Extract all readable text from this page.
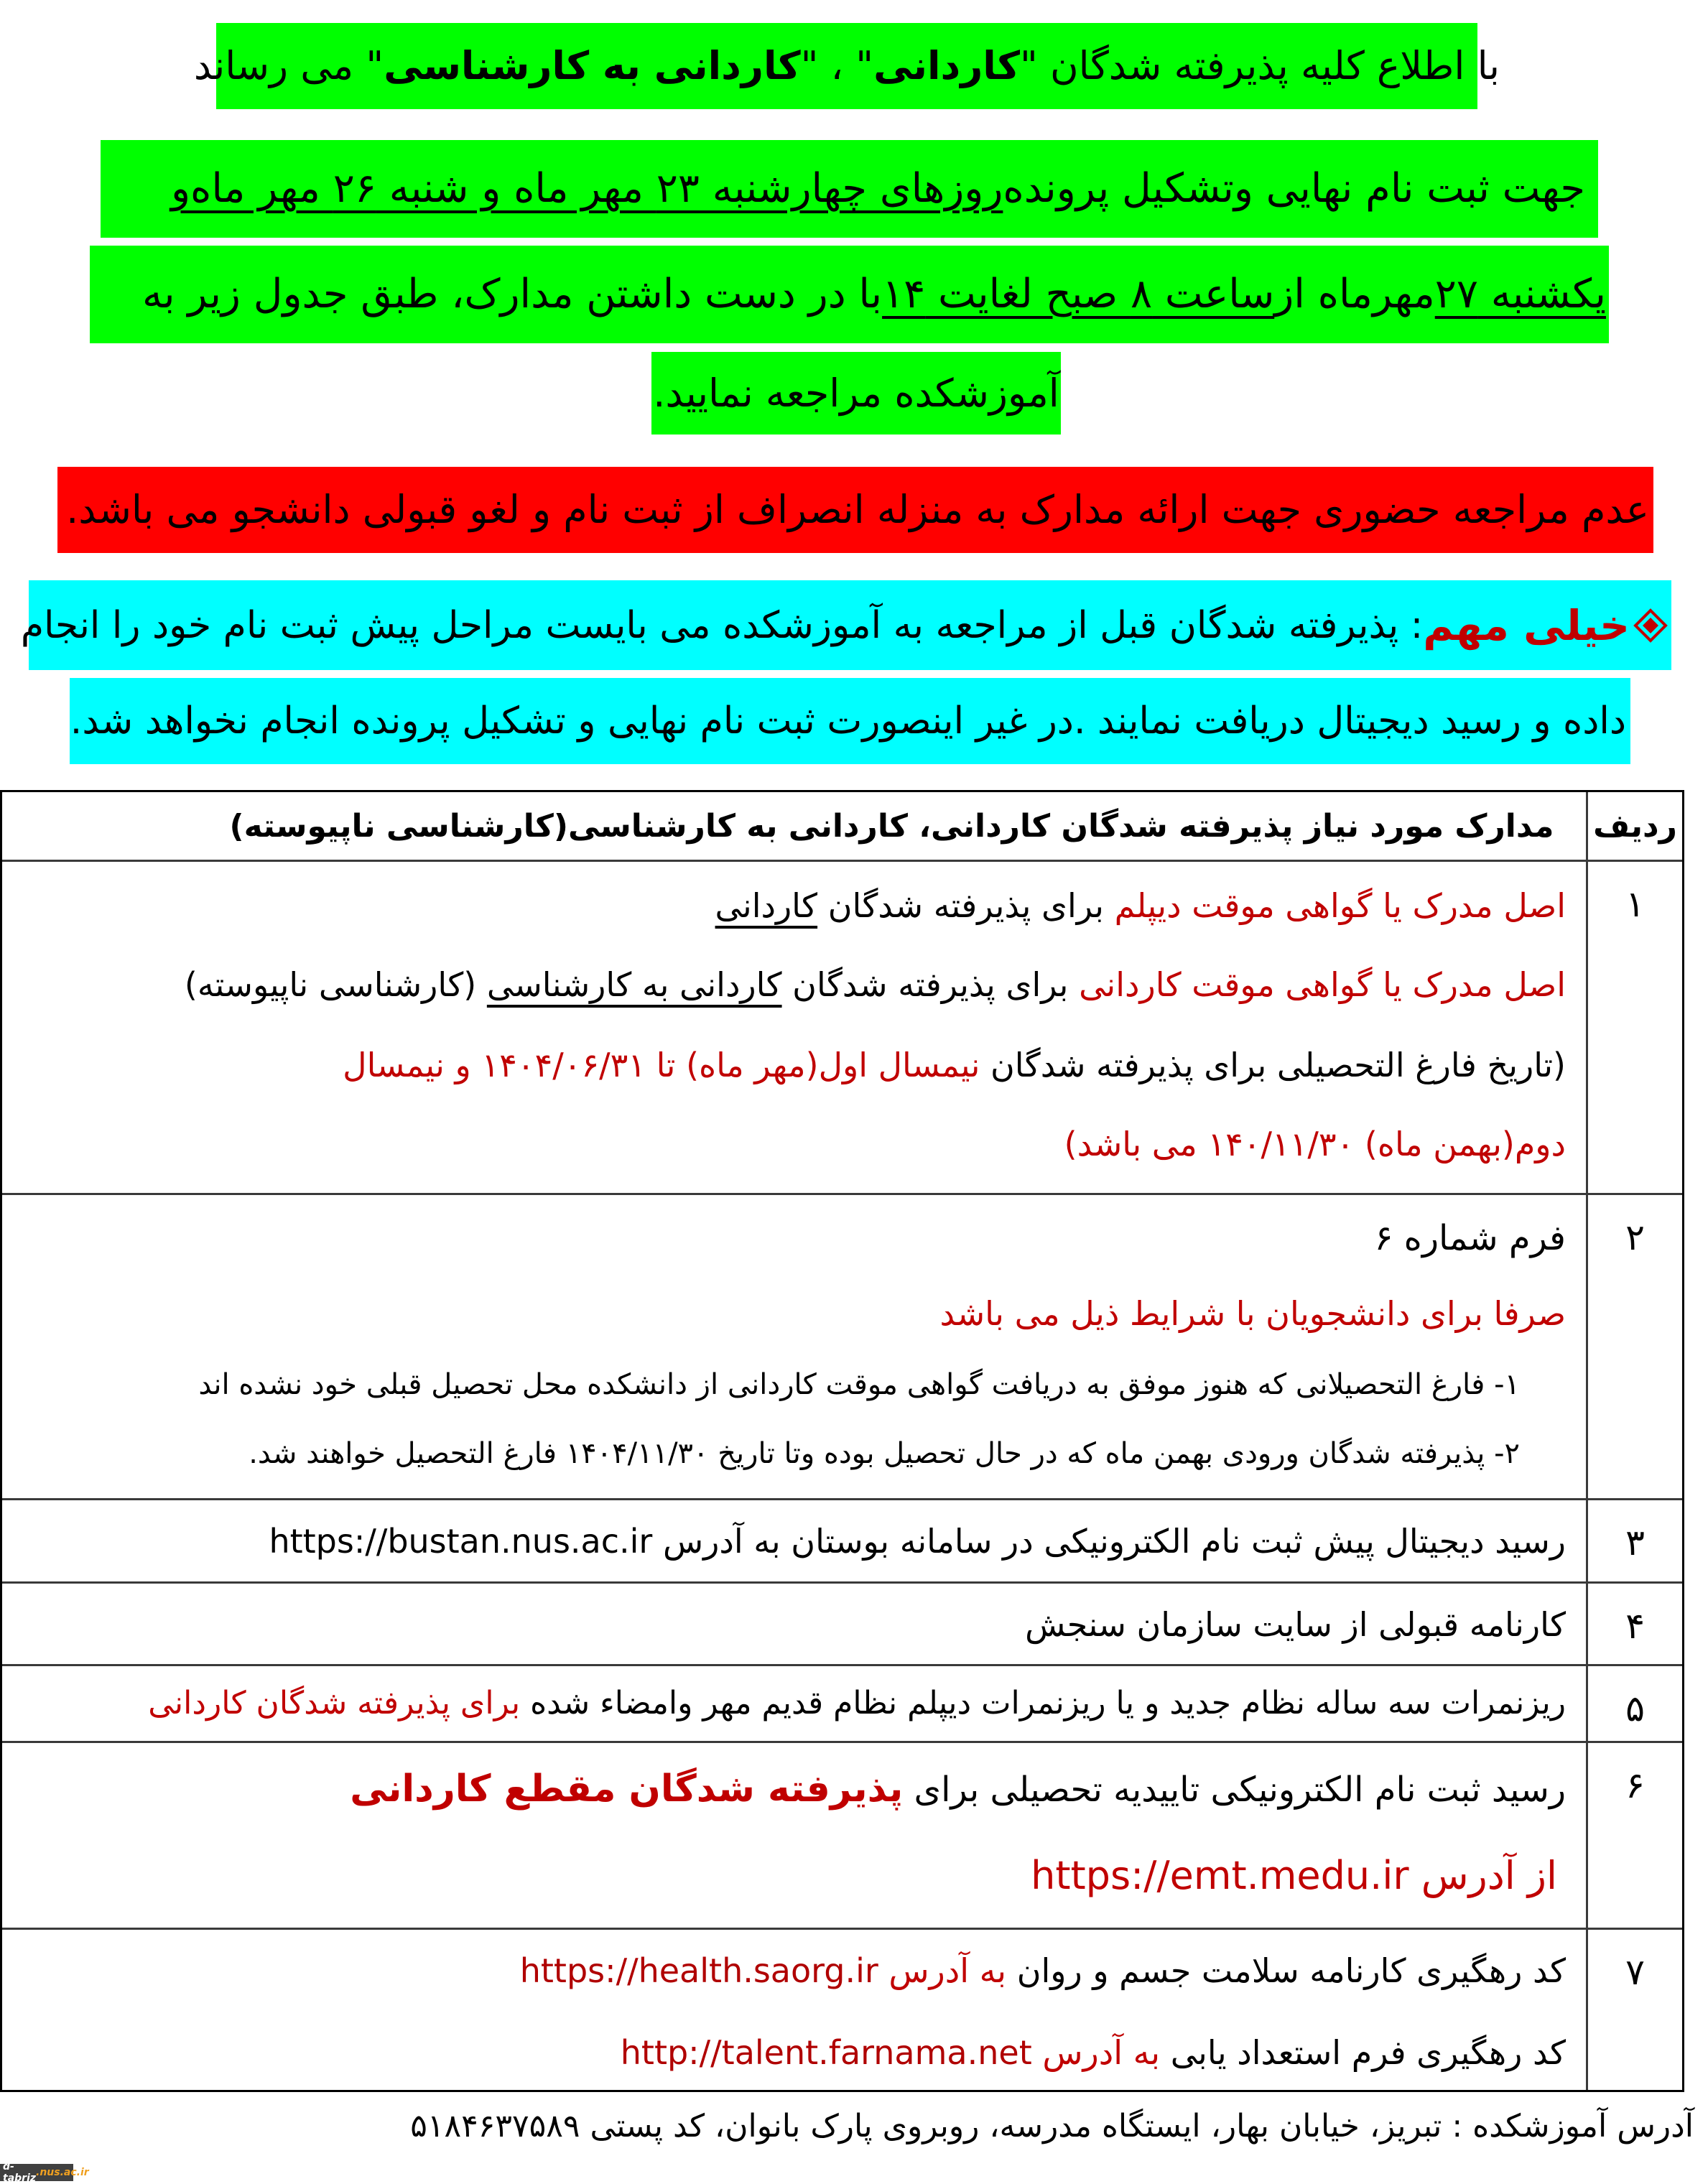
با اطلاع کلیه پذیرفته شدگان "
کاردانی
" ، "
کاردانی به کارشناسی
" می رساند
جهت ثبت نام نهایی وتشکیل پرونده
روزهای چهارشنبه ۲۳ مهر ماه و شنبه ۲۶ مهر ماه
و
یکشنبه ۲۷
مهرماه از
ساعت ۸ صبح لغایت ۱۴
با در دست داشتن مدارک، طبق جدول زیر به
آموزشکده مراجعه نمایید.
عدم مراجعه حضوری جهت ارائه مدارک به منزله انصراف از ثبت نام و لغو قبولی دانشجو می باشد.
خیلی مهم
: پذیرفته شدگان قبل از مراجعه به آموزشکده می بایست مراحل پیش ثبت نام خود را انجام
داده و رسید دیجیتال دریافت نمایند .در غیر اینصورت ثبت نام نهایی و تشکیل پرونده انجام نخواهد شد.
ردیف
مدارک مورد نیاز پذیرفته شدگان کاردانی، کاردانی به کارشناسی(کارشناسی ناپیوسته)
۱
اصل مدرک یا گواهی موقت دیپلم برای پذیرفته شدگان کاردانی
اصل مدرک یا گواهی موقت کاردانی برای پذیرفته شدگان کاردانی به کارشناسی (کارشناسی ناپیوسته)
(تاریخ فارغ التحصیلی برای پذیرفته شدگان نیمسال اول(مهر ماه) تا ۱۴۰۴/۰۶/۳۱ و نیمسال
دوم(بهمن ماه) ۱۴۰/۱۱/۳۰ می باشد)
۲
فرم شماره ۶
صرفا برای دانشجویان با شرایط ذیل می باشد
۱- فارغ التحصیلانی که هنوز موفق به دریافت گواهی موقت کاردانی از دانشکده محل تحصیل قبلی خود نشده اند
۲- پذیرفته شدگان ورودی بهمن ماه که در حال تحصیل بوده وتا تاریخ ۱۴۰۴/۱۱/۳۰ فارغ التحصیل خواهند شد.
۳
رسید دیجیتال پیش ثبت نام الکترونیکی در سامانه بوستان به آدرس https://bustan.nus.ac.ir
۴
کارنامه قبولی از سایت سازمان سنجش
۵
ریزنمرات سه ساله نظام جدید و یا ریزنمرات دیپلم نظام قدیم مهر وامضاء شده برای پذیرفته شدگان کاردانی
۶
رسید ثبت نام الکترونیکی تاییدیه تحصیلی برای پذیرفته شدگان مقطع کاردانی
از آدرس https://emt.medu.ir
۷
کد رهگیری کارنامه سلامت جسم و روان به آدرس https://health.saorg.ir
کد رهگیری فرم استعداد یابی به آدرس http://talent.farnama.net
آدرس آموزشکده : تبریز، خیابان بهار، ایستگاه مدرسه، روبروی پارک بانوان، کد پستی ۵۱۸۴۶۳۷۵۸۹
d-tabriz .nus.ac.ir
